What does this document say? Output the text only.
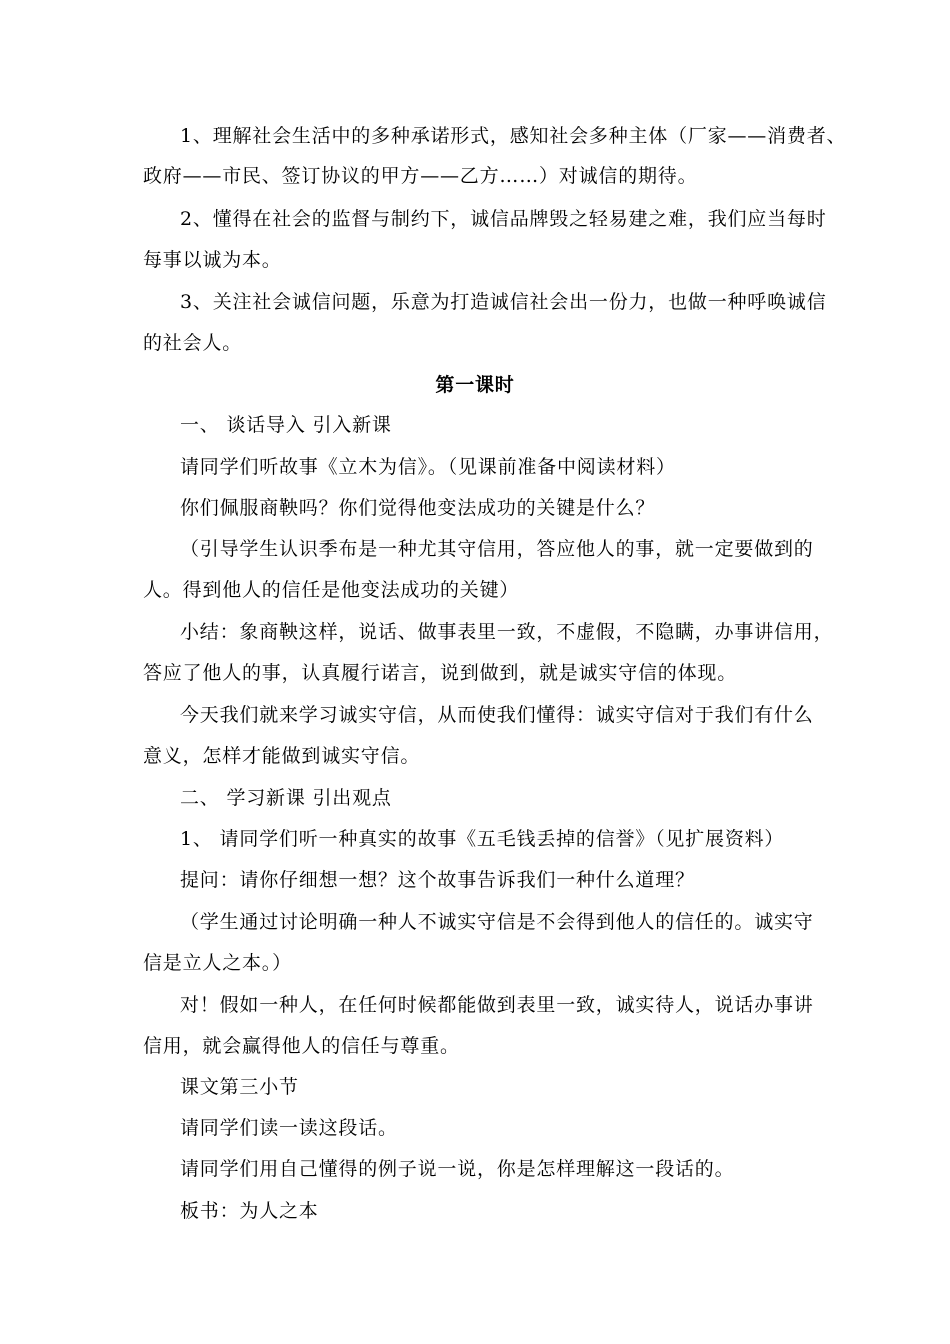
1、理解社会生活中的多种承诺形式，感知社会多种主体（厂家——消费者、
政府——市民、签订协议的甲方——乙方……）对诚信的期待。
2、懂得在社会的监督与制约下，诚信品牌毁之轻易建之难，我们应当每时
每事以诚为本。
3、关注社会诚信问题，乐意为打造诚信社会出一份力，也做一种呼唤诚信
的社会人。
第一课时
一、 谈话导入 引入新课
请同学们听故事《立木为信》。（见课前准备中阅读材料）
你们佩服商鞅吗？你们觉得他变法成功的关键是什么？
（引导学生认识季布是一种尤其守信用，答应他人的事，就一定要做到的
人。得到他人的信任是他变法成功的关键）
小结：象商鞅这样，说话、做事表里一致，不虚假，不隐瞒，办事讲信用，
答应了他人的事，认真履行诺言，说到做到，就是诚实守信的体现。
今天我们就来学习诚实守信，从而使我们懂得：诚实守信对于我们有什么
意义，怎样才能做到诚实守信。
二、 学习新课 引出观点
1、 请同学们听一种真实的故事《五毛钱丢掉的信誉》（见扩展资料）
提问：请你仔细想一想？这个故事告诉我们一种什么道理？
（学生通过讨论明确一种人不诚实守信是不会得到他人的信任的。诚实守
信是立人之本。）
对！假如一种人，在任何时候都能做到表里一致，诚实待人，说话办事讲
信用，就会赢得他人的信任与尊重。
课文第三小节
请同学们读一读这段话。
请同学们用自己懂得的例子说一说，你是怎样理解这一段话的。
板书：为人之本
